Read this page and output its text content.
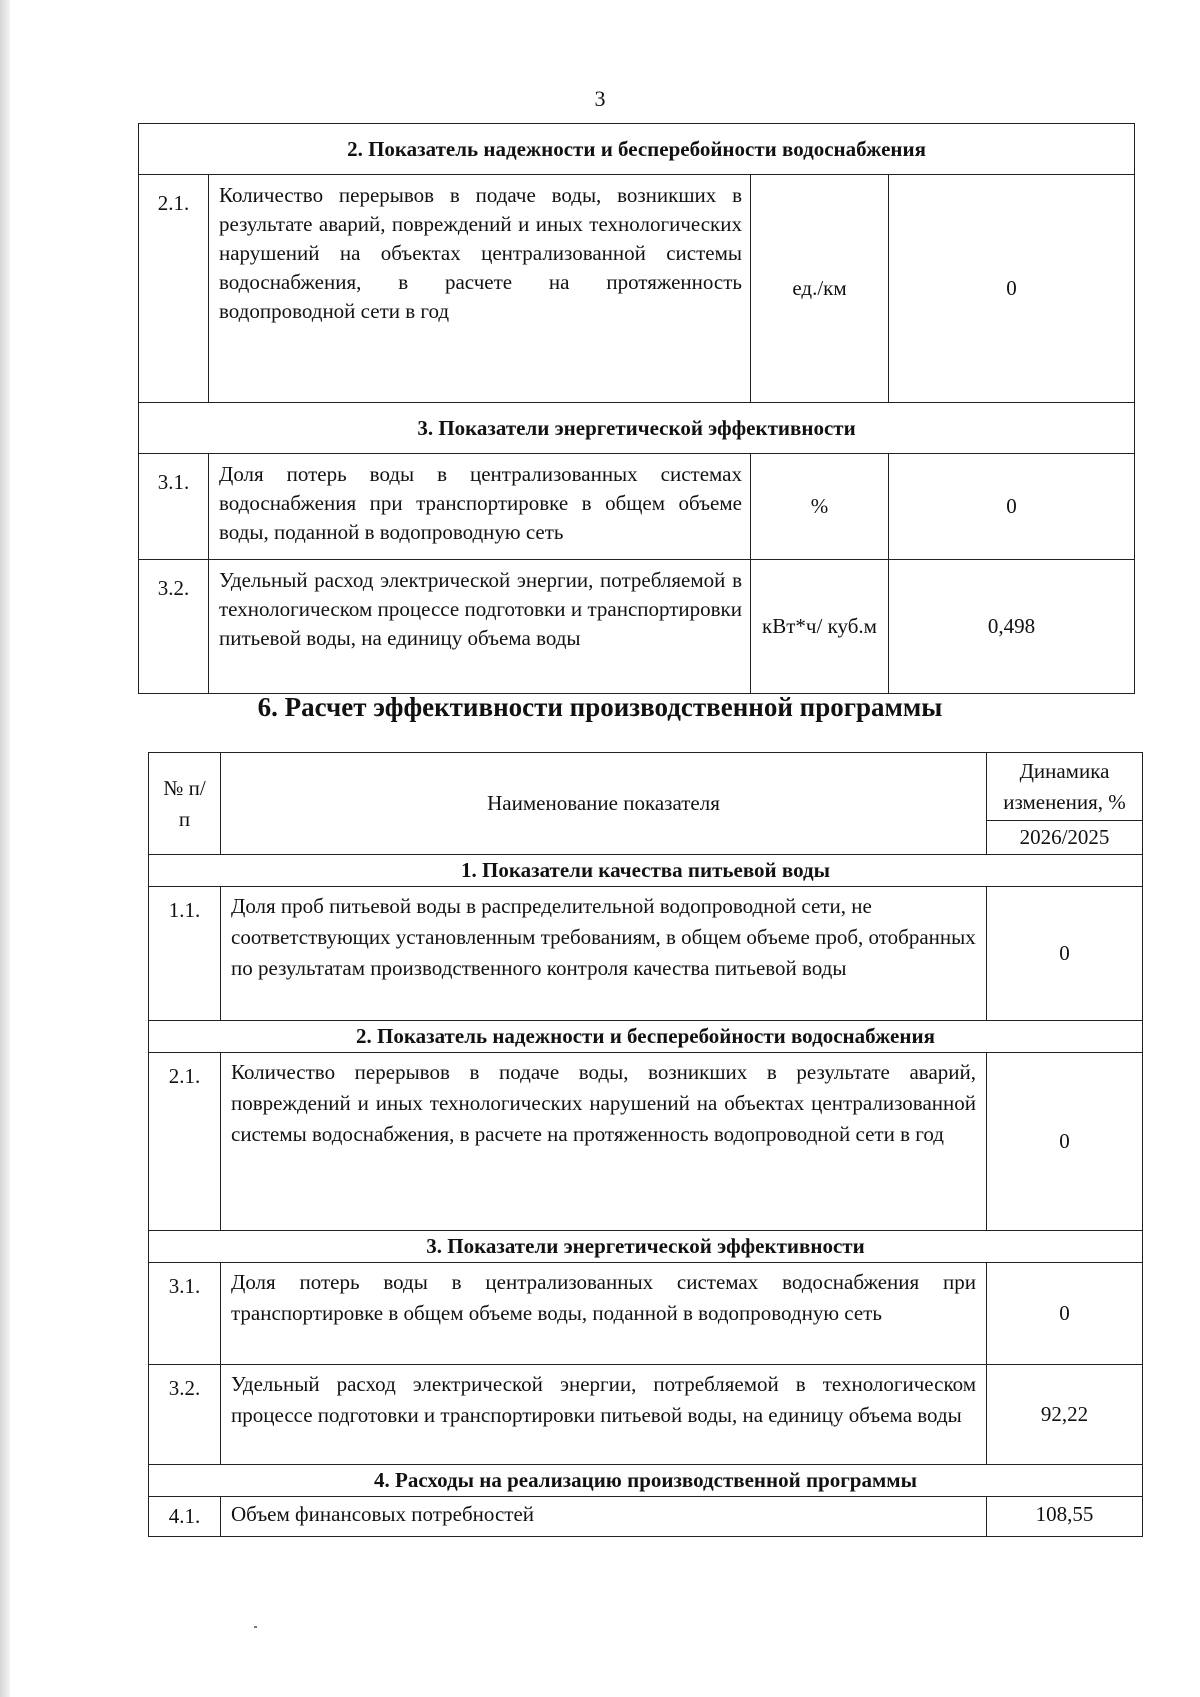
3
2. Показатель надежности и бесперебойности водоснабжения			
2.1.	Количество перерывов в подаче воды, возникших в результате аварий, повреждений и иных технологических нарушений на объектах централизованной системы водоснабжения, в расчете на протяженность водопроводной сети в год	ед./км	0
3. Показатели энергетической эффективности			
3.1.	Доля потерь воды в централизованных системах водоснабжения при транспортировке в общем объеме воды, поданной в водопроводную сеть	%	0
3.2.	Удельный расход электрической энергии, потребляемой в технологическом процессе подготовки и транспортировки питьевой воды, на единицу объема воды	кВт*ч/ куб.м	0,498
6. Расчет эффективности производственной программы
№ п/п	Наименование показателя	Динамика изменения, %
		2026/2025
1. Показатели качества питьевой воды		
1.1.	Доля проб питьевой воды в распределительной водопроводной сети, не соответствующих установленным требованиям, в общем объеме проб, отобранных по результатам производственного контроля качества питьевой воды	0
2. Показатель надежности и бесперебойности водоснабжения		
2.1.	Количество перерывов в подаче воды, возникших в результате аварий, повреждений и иных технологических нарушений на объектах централизованной системы водоснабжения, в расчете на протяженность водопроводной сети в год	0
3. Показатели энергетической эффективности		
3.1.	Доля потерь воды в централизованных системах водоснабжения при транспортировке в общем объеме воды, поданной в водопроводную сеть	0
3.2.	Удельный расход электрической энергии, потребляемой в технологическом процессе подготовки и транспортировки питьевой воды, на единицу объема воды	92,22
4. Расходы на реализацию производственной программы		
4.1.	Объем финансовых потребностей	108,55
